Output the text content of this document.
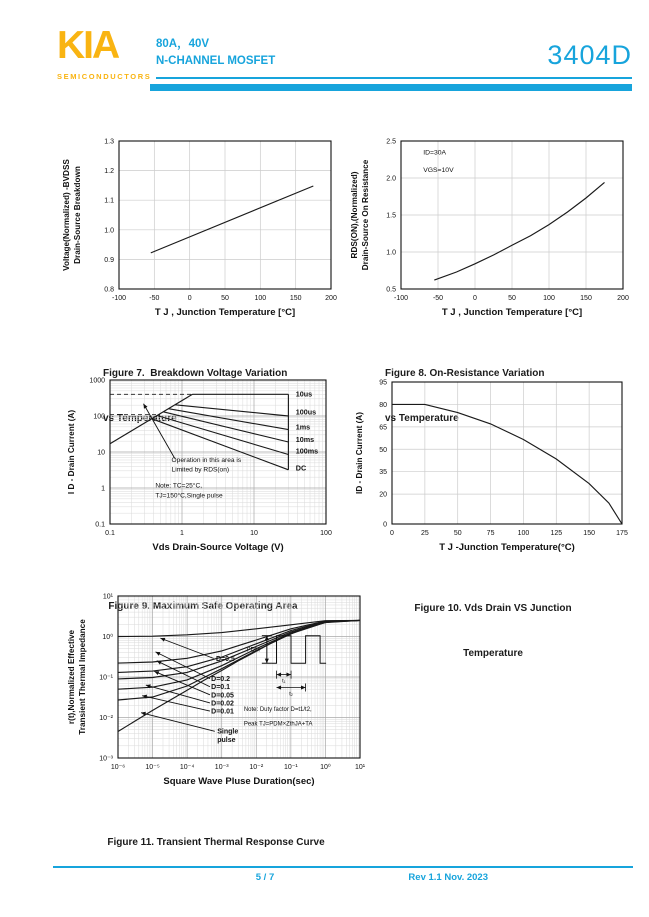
KIA
SEMICONDUCTORS
80A，40V
N-CHANNEL MOSFET	3404D
-100	-50	0	50	100	150	200
0.8
0.9
1.0
1.1
1.2
1.3
T J , Junction Temperature [°C]
Voltage(Normalized) -BVDSS Drain-Source Breakdown

Figure 7.  Breakdown Voltage Variation

vs Temperature

-100	-50	0	50	100	150	200
0.5
1.0
1.5
2.0
2.5
T J , Junction Temperature [°C]
RDS(ON),(Normalized) Drain-Source On Resistance
ID=30A
VGS=10V

Figure 8. On-Resistance Variation

vs Temperature

0.1	1	10	100
0.1
1
10
100
1000
Vds Drain-Source Voltage (V)
I D - Drain Current (A)
10us
100us
1ms
10ms
100ms
DC
Operation in this area is
Limited by RDS(on)
Note: TC=25°C,
TJ=150°C,Single pulse

Figure 9. Maximum Safe Operating Area

0	25	50	75	100	125	150	175
0
20
35
50
65
80
95
T J -Junction Temperature(°C)
ID - Drain Current (A)

Figure 10. Vds Drain VS Junction

Temperature

10⁻⁶	10⁻⁵	10⁻⁴	10⁻³	10⁻²	10⁻¹	10⁰	10¹
10⁻³
10⁻²
10⁻¹
10⁰
10¹
Square Wave Pluse Duration(sec)
r(t),Normalized Effective Transient Thermal Impedance	D=0.5
D=0.2
D=0.1
D=0.05
D=0.02
D=0.01
Single
pulse
Note: Duty factor D=t1/t2,
Peak TJ=PDM×ZthJA+TA
PDM
t₁
t₂

Figure 11. Transient Thermal Response Curve

5 / 7	Rev 1.1 Nov. 2023
